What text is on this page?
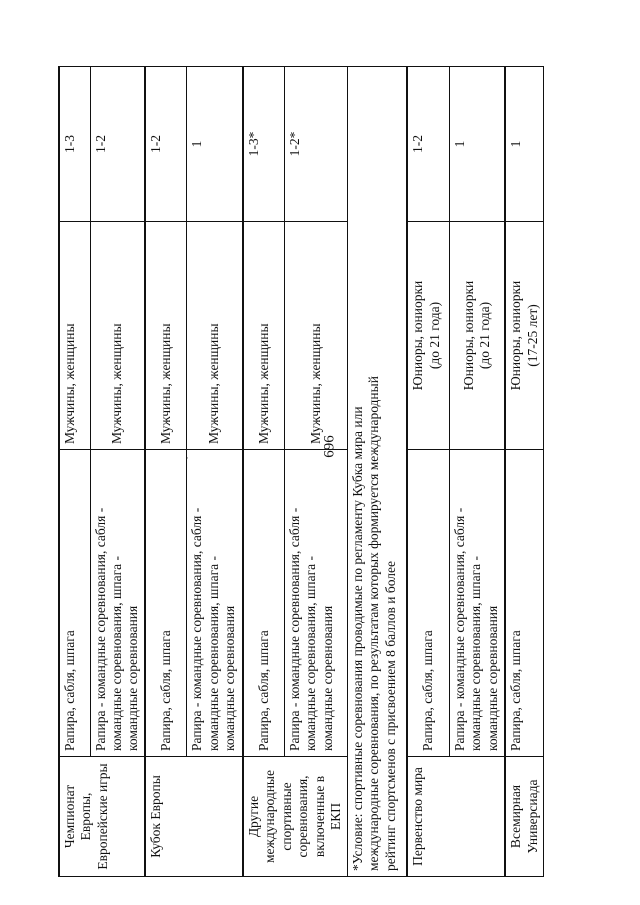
696
·
Чемпионат Европы,
Европейские игры	Рапира, сабля, шпага	Мужчины, женщины	1-3
	Рапира - командные соревнования, сабля -
командные соревнования, шпага -
командные соревнования	Мужчины, женщины	1-2
Кубок Европы	Рапира, сабля, шпага	Мужчины, женщины	1-2
	Рапира - командные соревнования, сабля -
командные соревнования, шпага -
командные соревнования	Мужчины, женщины	1
Другие международные
спортивные соревнования,
включенные в ЕКП	Рапира, сабля, шпага	Мужчины, женщины	1-3*
	Рапира - командные соревнования, сабля -
командные соревнования, шпага -
командные соревнования	Мужчины, женщины	1-2*
*Условие: спортивные соревнования проводимые по регламенту Кубка мира или
международные соревнования, по результатам которых формируется международный
рейтинг спортсменов с присвоением 8 баллов и более			
Первенство мира	Рапира, сабля, шпага	Юниоры, юниорки
(до 21 года)	1-2
	Рапира - командные соревнования, сабля -
командные соревнования, шпага -
командные соревнования	Юниоры, юниорки
(до 21 года)	1
Всемирная Универсиада	Рапира, сабля, шпага	Юниоры, юниорки
(17-25 лет)	1
